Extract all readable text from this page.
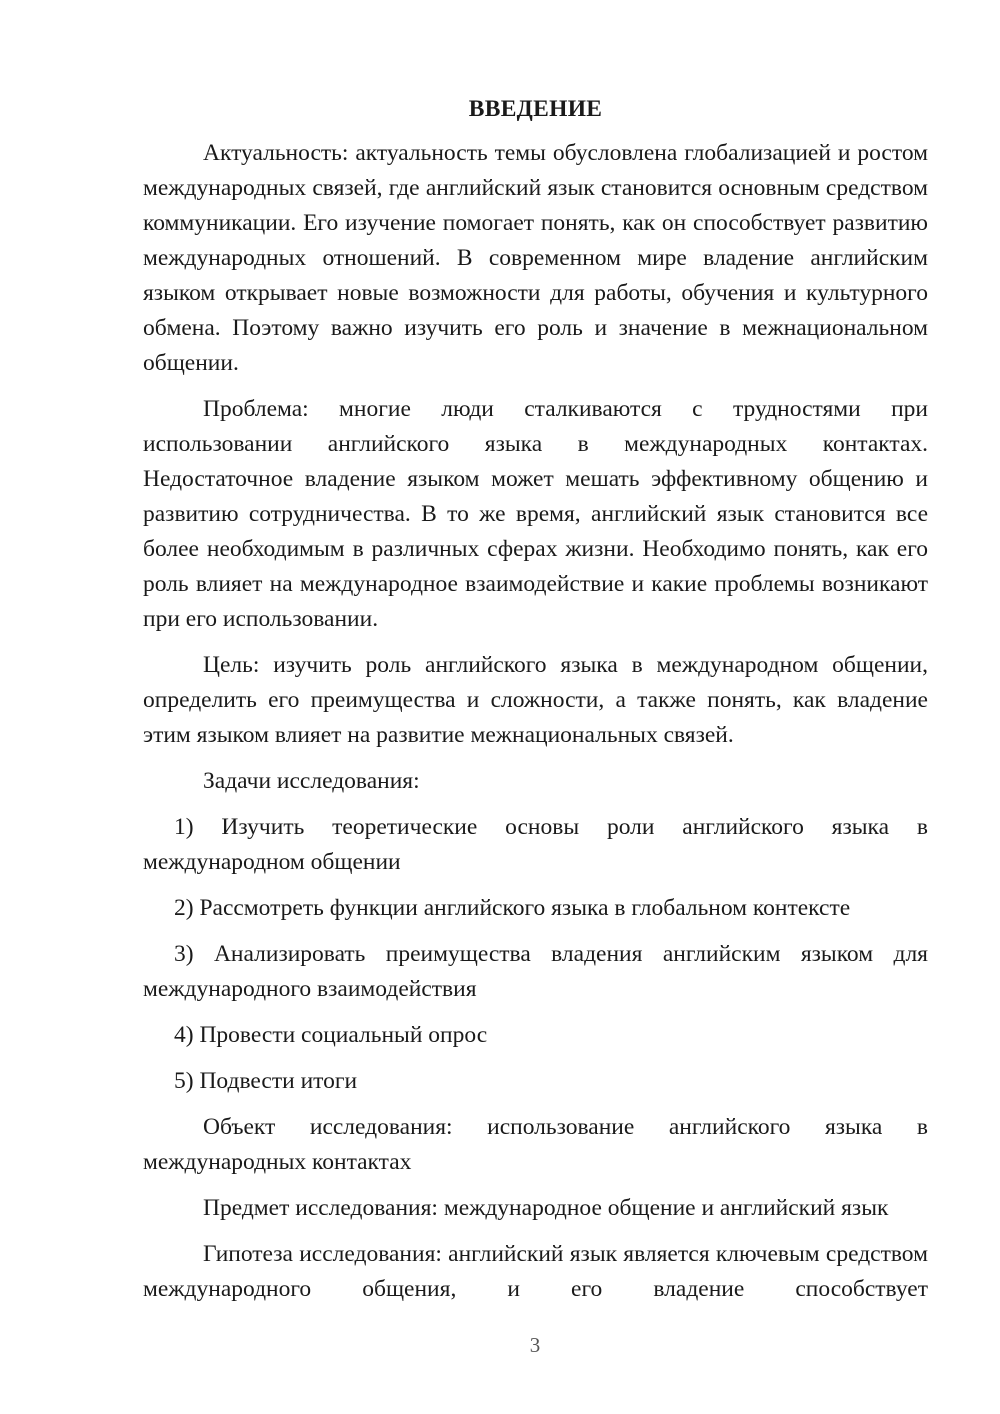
ВВЕДЕНИЕ

Актуальность: актуальность темы обусловлена глобализацией и ростом международных связей, где английский язык становится основным средством коммуникации. Его изучение помогает понять, как он способствует развитию международных отношений. В современном мире владение английским языком открывает новые возможности для работы, обучения и культурного обмена. Поэтому важно изучить его роль и значение в межнациональном общении.

Проблема: многие люди сталкиваются с трудностями при использовании английского языка в международных контактах. Недостаточное владение языком может мешать эффективному общению и развитию сотрудничества. В то же время, английский язык становится все более необходимым в различных сферах жизни. Необходимо понять, как его роль влияет на международное взаимодействие и какие проблемы возникают при его использовании.

Цель: изучить роль английского языка в международном общении, определить его преимущества и сложности, а также понять, как владение этим языком влияет на развитие межнациональных связей.

Задачи исследования:

1) Изучить теоретические основы роли английского языка в международном общении

2) Рассмотреть функции английского языка в глобальном контексте

3) Анализировать преимущества владения английским языком для международного взаимодействия

4) Провести социальный опрос

5) Подвести итоги

Объект исследования: использование английского языка в международных контактах

Предмет исследования: международное общение и английский язык

Гипотеза исследования: английский язык является ключевым средством международного общения, и его владение способствует

3
